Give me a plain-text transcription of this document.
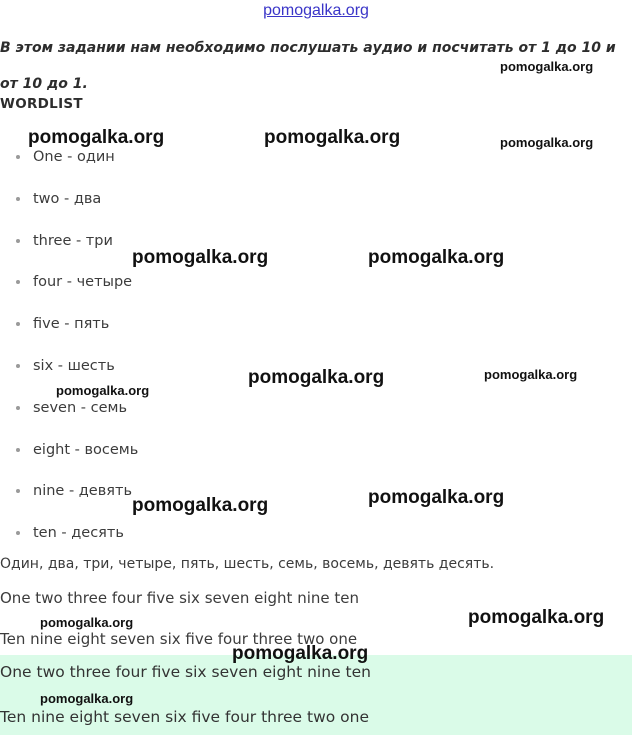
pomogalka.org

В этом задании нам необходимо послушать аудио и посчитать от 1 до 10 и от 10 до 1.

WORDLIST
One - один
two - два
three - три
four - четыре
five - пять
six - шесть
seven - семь
eight - восемь
nine - девять
ten - десять
Один, два, три, четыре, пять, шесть, семь, восемь, девять десять.
One two three four five six seven eight nine ten
Ten nine eight seven six five four three two one
One two three four five six seven eight nine ten
Ten nine eight seven six five four three two one
pomogalka.org
pomogalka.org	pomogalka.org	pomogalka.org
pomogalka.org	pomogalka.org
pomogalka.org
pomogalka.org
pomogalka.org
pomogalka.org
pomogalka.org
pomogalka.org
pomogalka.org
pomogalka.org
pomogalka.org
